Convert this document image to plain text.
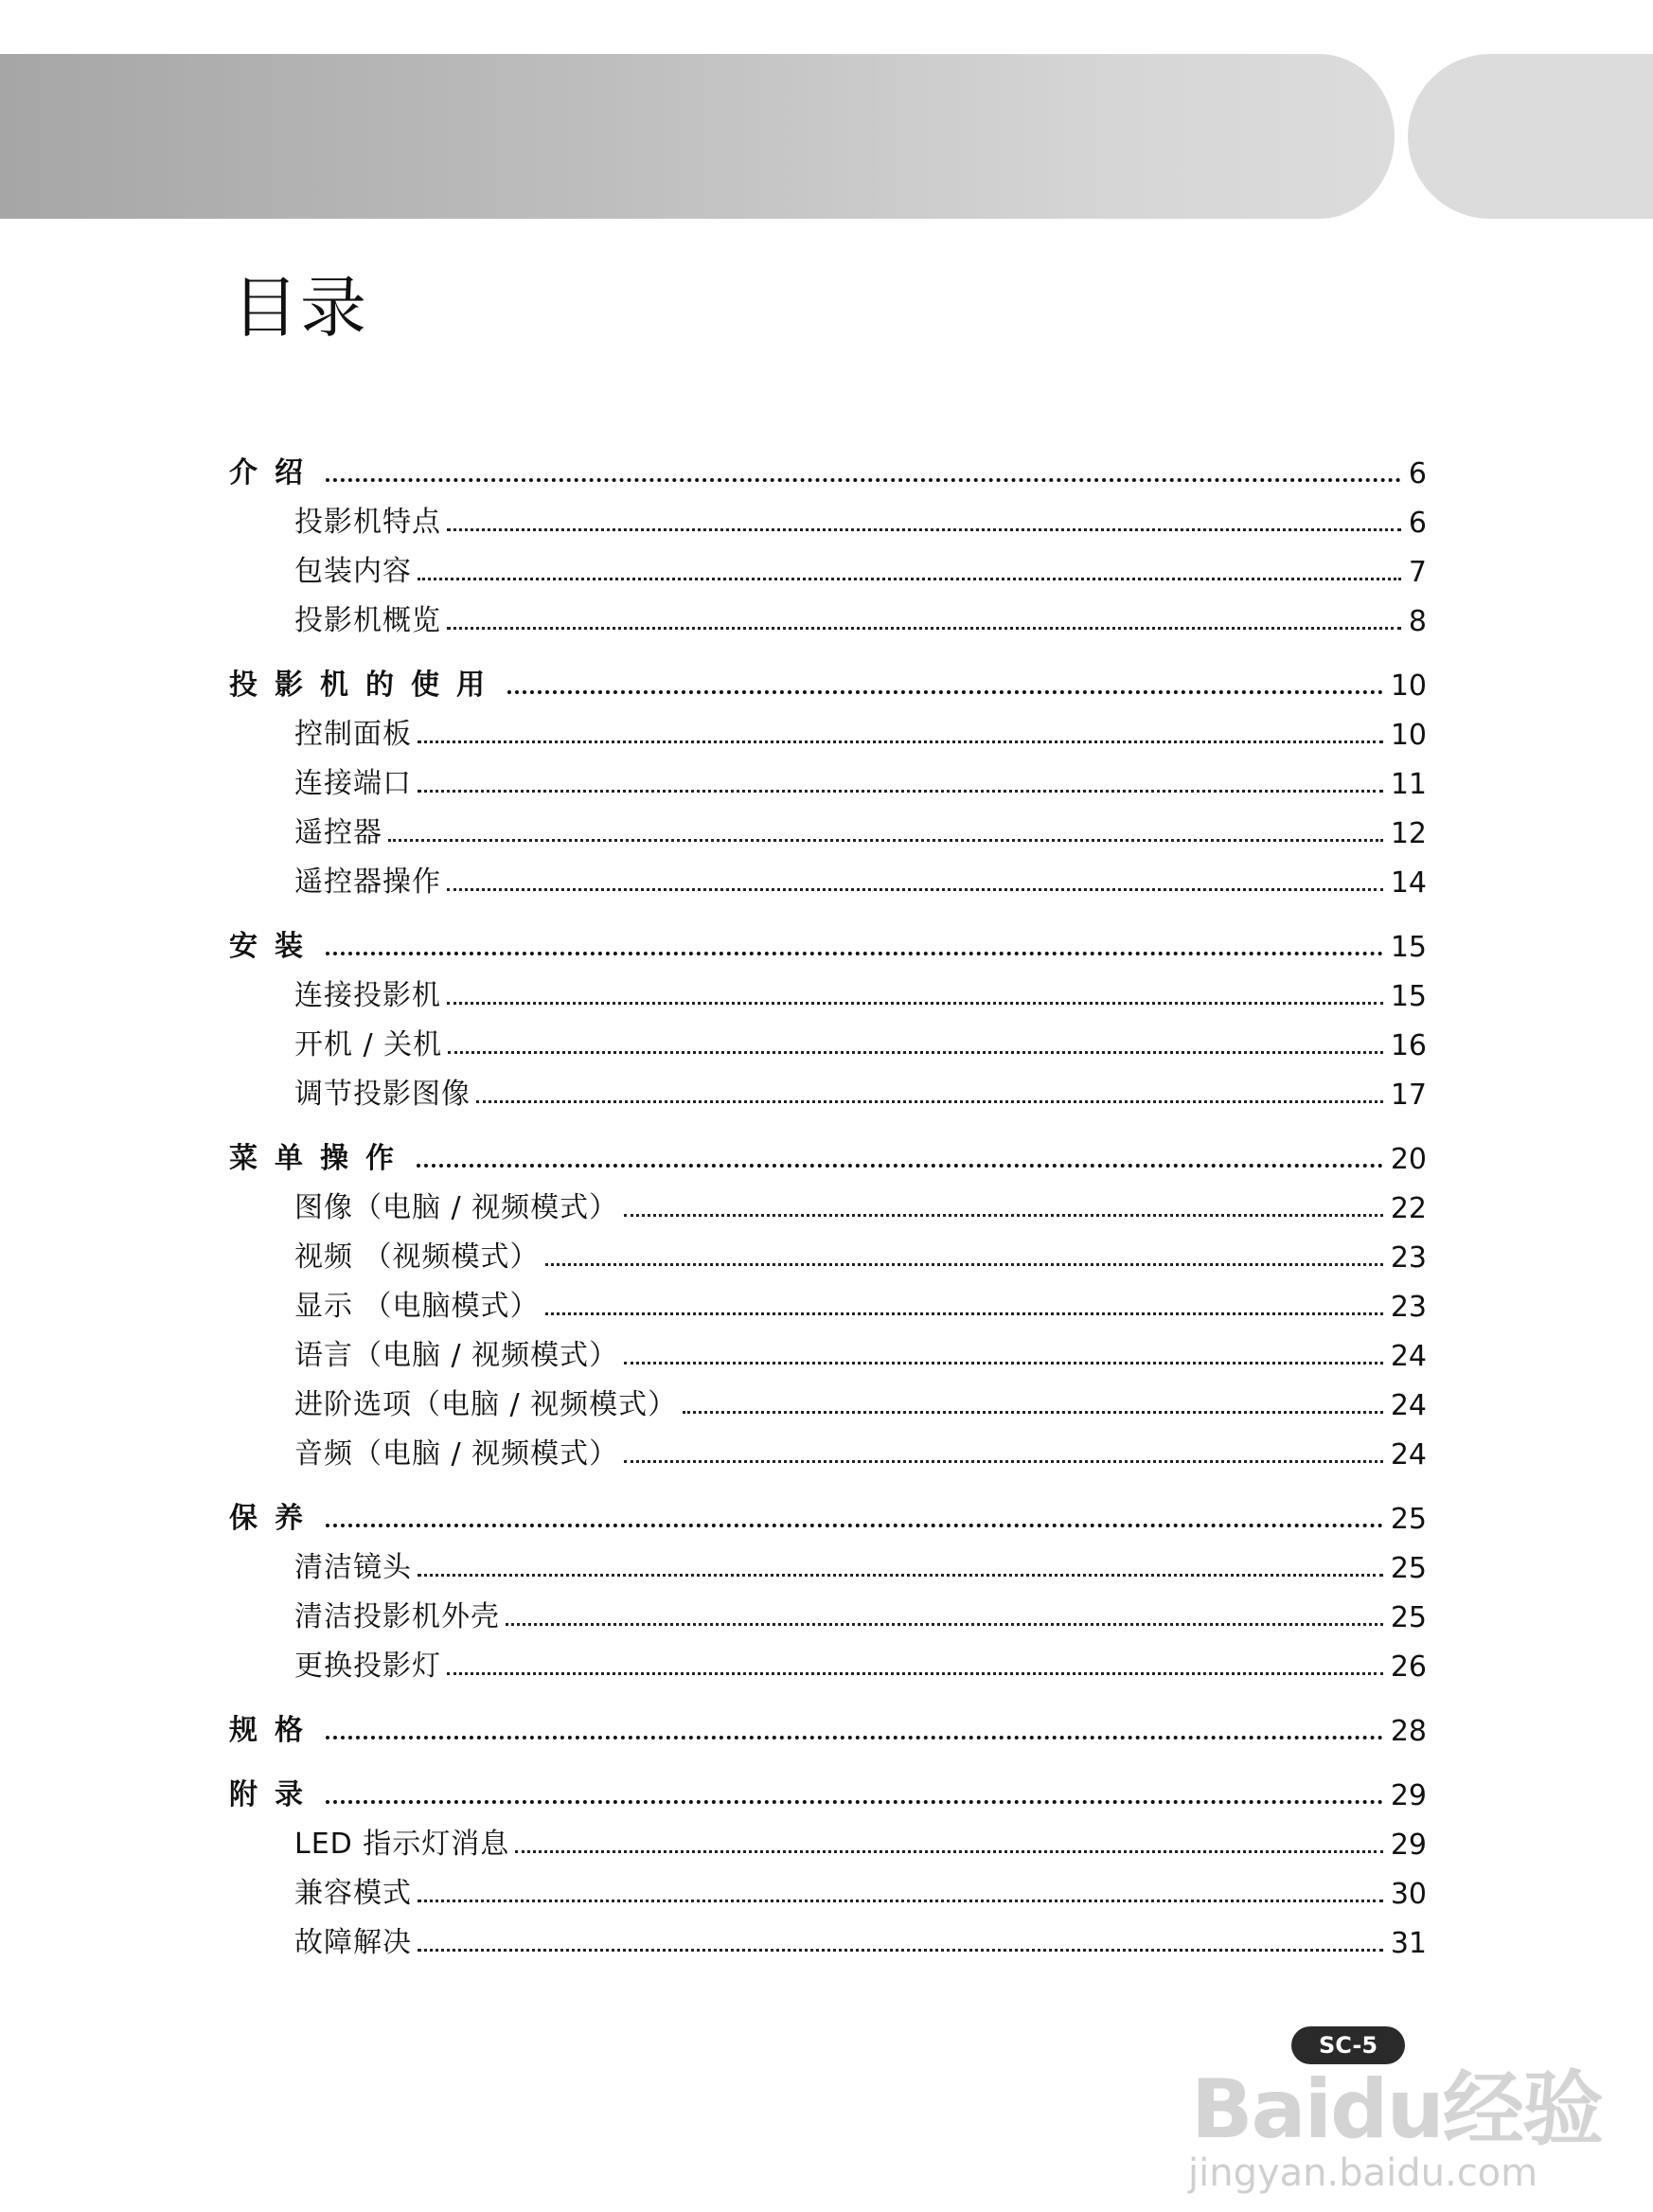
目录
介绍	6
投影机特点	6
包装内容	7
投影机概览	8
投影机的使用	10
控制面板	10
连接端口	11
遥控器	12
遥控器操作	14
安装	15
连接投影机	15
开机 / 关机	16
调节投影图像	17
菜单操作	20
图像（电脑 / 视频模式）	22
视频 （视频模式）	23
显示 （电脑模式）	23
语言（电脑 / 视频模式）	24
进阶选项（电脑 / 视频模式）	24
音频（电脑 / 视频模式）	24
保养	25
清洁镜头	25
清洁投影机外壳	25
更换投影灯	26
规格	28
附录	29
LED 指示灯消息	29
兼容模式	30
故障解决	31
SC-5
Baidu经验
jingyan.baidu.com
